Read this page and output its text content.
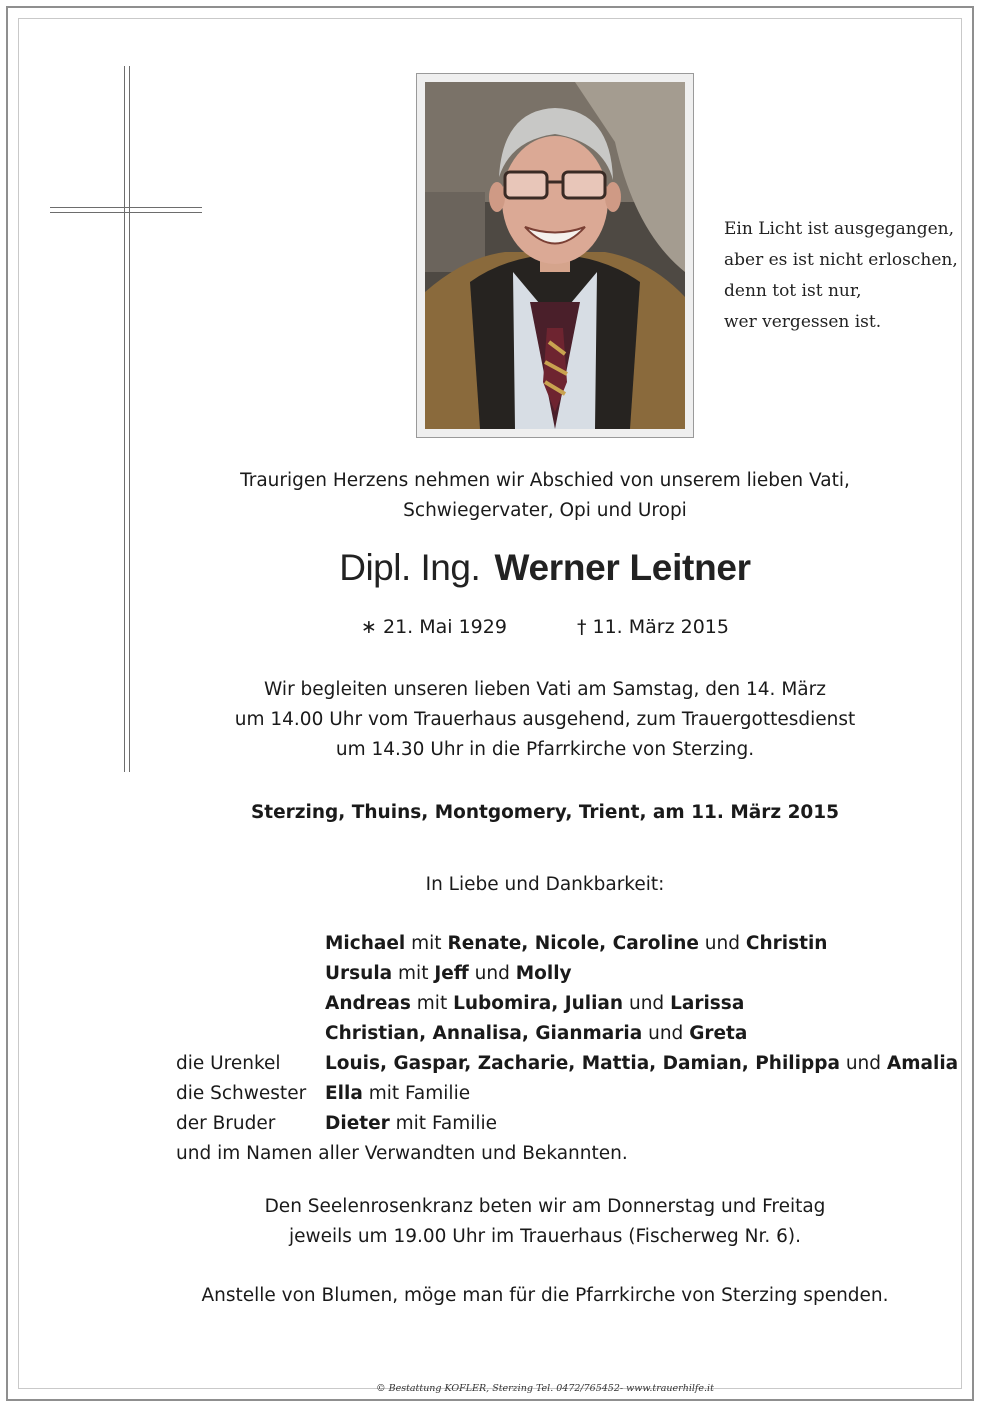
Ein Licht ist ausgegangen,
aber es ist nicht erloschen,
denn tot ist nur,
wer vergessen ist.
Traurigen Herzens nehmen wir Abschied von unserem lieben Vati,
Schwiegervater, Opi und Uropi
Dipl. Ing. Werner Leitner
∗ 21. Mai 1929	† 11. März 2015
Wir begleiten unseren lieben Vati am Samstag, den 14. März
um 14.00 Uhr vom Trauerhaus ausgehend, zum Trauergottesdienst
um 14.30 Uhr in die Pfarrkirche von Sterzing.
Sterzing, Thuins, Montgomery, Trient, am 11. März 2015
In Liebe und Dankbarkeit:
Michael mit Renate, Nicole, Caroline und Christin
Ursula mit Jeff und Molly
Andreas mit Lubomira, Julian und Larissa
Christian, Annalisa, Gianmaria und Greta
die Urenkel Louis, Gaspar, Zacharie, Mattia, Damian, Philippa und Amalia
die Schwester Ella mit Familie
der Bruder	Dieter mit Familie
und im Namen aller Verwandten und Bekannten.
Den Seelenrosenkranz beten wir am Donnerstag und Freitag
jeweils um 19.00 Uhr im Trauerhaus (Fischerweg Nr. 6).
Anstelle von Blumen, möge man für die Pfarrkirche von Sterzing spenden.
© Bestattung KOFLER, Sterzing Tel. 0472/765452- www.trauerhilfe.it
